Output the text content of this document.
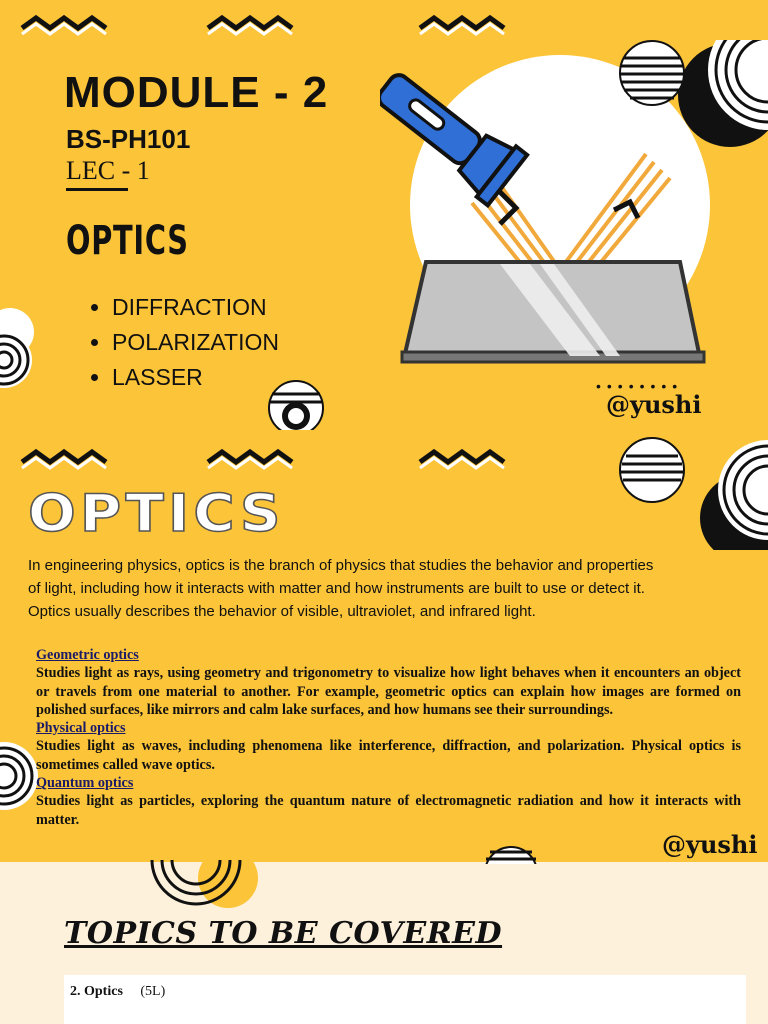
MODULE - 2
BS-PH101
LEC - 1
OPTICS
• DIFFRACTION
• POLARIZATION
• LASSER	••••••••
@yushi
OPTICS

In engineering physics, optics is the branch of physics that studies the behavior and properties of light, including how it interacts with matter and how instruments are built to use or detect it. Optics usually describes the behavior of visible, ultraviolet, and infrared light.

Geometric optics

Studies light as rays, using geometry and trigonometry to visualize how light behaves when it encounters an object or travels from one material to another. For example, geometric optics can explain how images are formed on polished surfaces, like mirrors and calm lake surfaces, and how humans see their surroundings.

Physical optics

Studies light as waves, including phenomena like interference, diffraction, and polarization. Physical optics is sometimes called wave optics.

Quantum optics

Studies light as particles, exploring the quantum nature of electromagnetic radiation and how it interacts with matter.

@yushi
TOPICS TO BE COVERED
2. Optics (5L)
